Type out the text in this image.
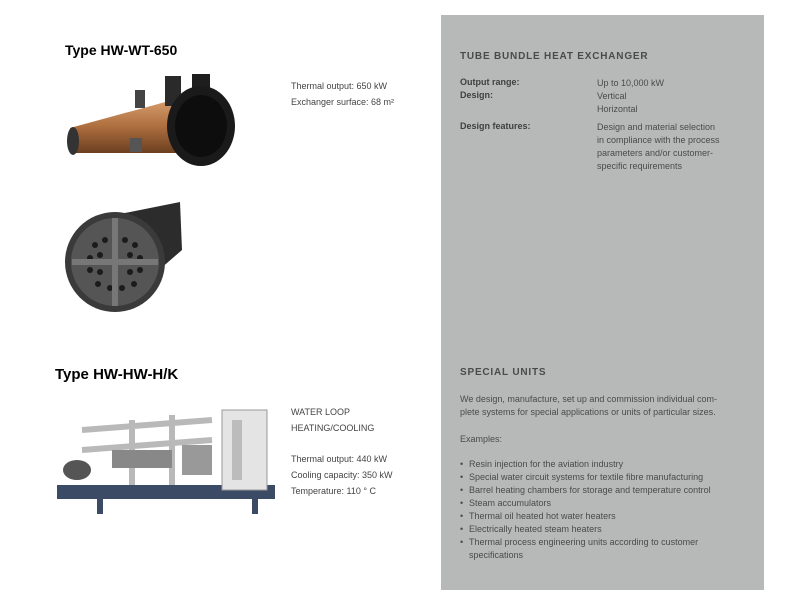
Type HW-WT-650
Thermal output: 650 kW
Exchanger surface: 68 m²
Type HW-HW-H/K
WATER LOOP
HEATING/COOLING
Thermal output: 440 kW
Cooling capacity: 350 kW
Temperature: 110 ° C
TUBE BUNDLE HEAT EXCHANGER
Output range:	Up to 10,000 kW
Design:	Vertical
Horizontal
Design features:	Design and material selection
in compliance with the process
parameters and/or customer-
specific requirements
SPECIAL UNITS
We design, manufacture, set up and commission individual com-
plete systems for special applications or units of particular sizes.
Examples:
• Resin injection for the aviation industry
• Special water circuit systems for textile fibre manufacturing
• Barrel heating chambers for storage and temperature control
• Steam accumulators
• Thermal oil heated hot water heaters
• Electrically heated steam heaters
• Thermal process engineering units according to customer
specifications
